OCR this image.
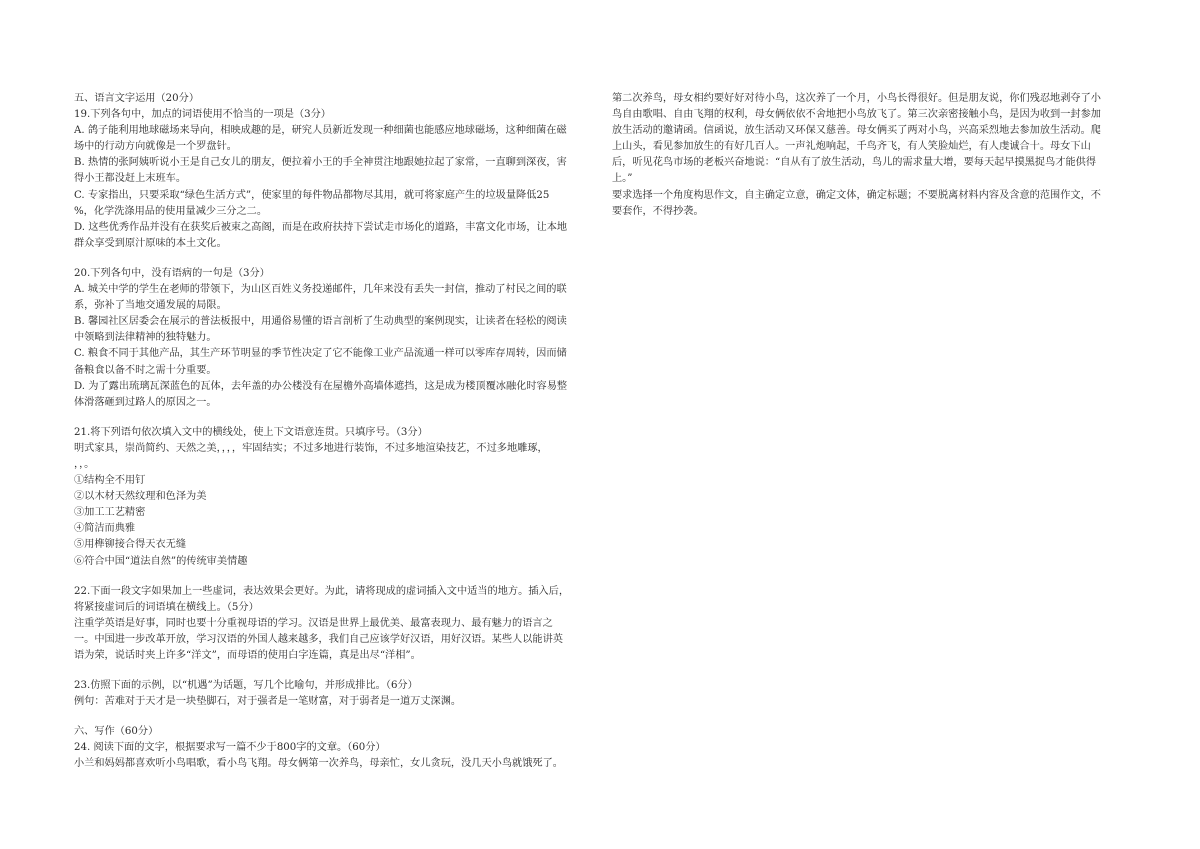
五、语言文字运用（20分）
19.下列各句中，加点的词语使用不恰当的一项是（3分）
A. 鸽子能利用地球磁场来导向，相映成趣的是，研究人员新近发现一种细菌也能感应地球磁场，这种细菌在磁
场中的行动方向就像是一个罗盘针。
B. 热情的张阿姨听说小王是自己女儿的朋友，便拉着小王的手全神贯注地跟她拉起了家常，一直聊到深夜，害
得小王都没赶上末班车。
C. 专家指出，只要采取“绿色生活方式”，使家里的每件物品都物尽其用，就可将家庭产生的垃圾量降低25
%，化学洗涤用品的使用量减少三分之二。
D. 这些优秀作品并没有在获奖后被束之高阁，而是在政府扶持下尝试走市场化的道路，丰富文化市场，让本地
群众享受到原汁原味的本土文化。
20.下列各句中，没有语病的一句是（3分）
A. 城关中学的学生在老师的带领下，为山区百姓义务投递邮件，几年来没有丢失一封信，推动了村民之间的联
系，弥补了当地交通发展的局限。
B. 馨园社区居委会在展示的普法板报中，用通俗易懂的语言剖析了生动典型的案例现实，让读者在轻松的阅读
中领略到法律精神的独特魅力。
C. 粮食不同于其他产品，其生产环节明显的季节性决定了它不能像工业产品流通一样可以零库存周转，因而储
备粮食以备不时之需十分重要。
D. 为了露出琉璃瓦深蓝色的瓦体，去年盖的办公楼没有在屋檐外高墙体遮挡，这是成为楼顶覆冰融化时容易整
体滑落砸到过路人的原因之一。
21.将下列语句依次填入文中的横线处，使上下文语意连贯。只填序号。（3分）
明式家具，崇尚简约、天然之美，，，，牢固结实；不过多地进行装饰，不过多地渲染技艺，不过多地雕琢，
，，。
①结构全不用钉
②以木材天然纹理和色泽为美
③加工工艺精密
④简洁而典雅
⑤用榫铆接合得天衣无缝
⑥符合中国“道法自然”的传统审美情趣
22.下面一段文字如果加上一些虚词，表达效果会更好。为此，请将现成的虚词插入文中适当的地方。插入后，
将紧接虚词后的词语填在横线上。（5分）
注重学英语是好事，同时也要十分重视母语的学习。汉语是世界上最优美、最富表现力、最有魅力的语言之
一。中国进一步改革开放，学习汉语的外国人越来越多，我们自己应该学好汉语，用好汉语。某些人以能讲英
语为荣，说话时夹上许多“洋文”，而母语的使用白字连篇，真是出尽“洋相”。
23.仿照下面的示例，以“机遇”为话题，写几个比喻句，并形成排比。（6分）
例句：苦难对于天才是一块垫脚石，对于强者是一笔财富，对于弱者是一道万丈深渊。
六、写作（60分）
24. 阅读下面的文字，根据要求写一篇不少于800字的文章。（60分）
小兰和妈妈都喜欢听小鸟唱歌，看小鸟飞翔。母女俩第一次养鸟，母亲忙，女儿贪玩，没几天小鸟就饿死了。
第二次养鸟，母女相约要好好对待小鸟，这次养了一个月，小鸟长得很好。但是朋友说，你们残忍地剥夺了小
鸟自由歌唱、自由飞翔的权利，母女俩依依不舍地把小鸟放飞了。第三次亲密接触小鸟，是因为收到一封参加
放生活动的邀请函。信函说，放生活动又环保又慈善。母女俩买了两对小鸟，兴高采烈地去参加放生活动。爬
上山头，看见参加放生的有好几百人。一声礼炮响起，千鸟齐飞，有人笑脸灿烂，有人虔诚合十。母女下山
后，听见花鸟市场的老板兴奋地说：“自从有了放生活动，鸟儿的需求量大增，要每天起早摸黑捉鸟才能供得
上。”
要求选择一个角度构思作文，自主确定立意，确定文体，确定标题；不要脱离材料内容及含意的范围作文，不
要套作，不得抄袭。
